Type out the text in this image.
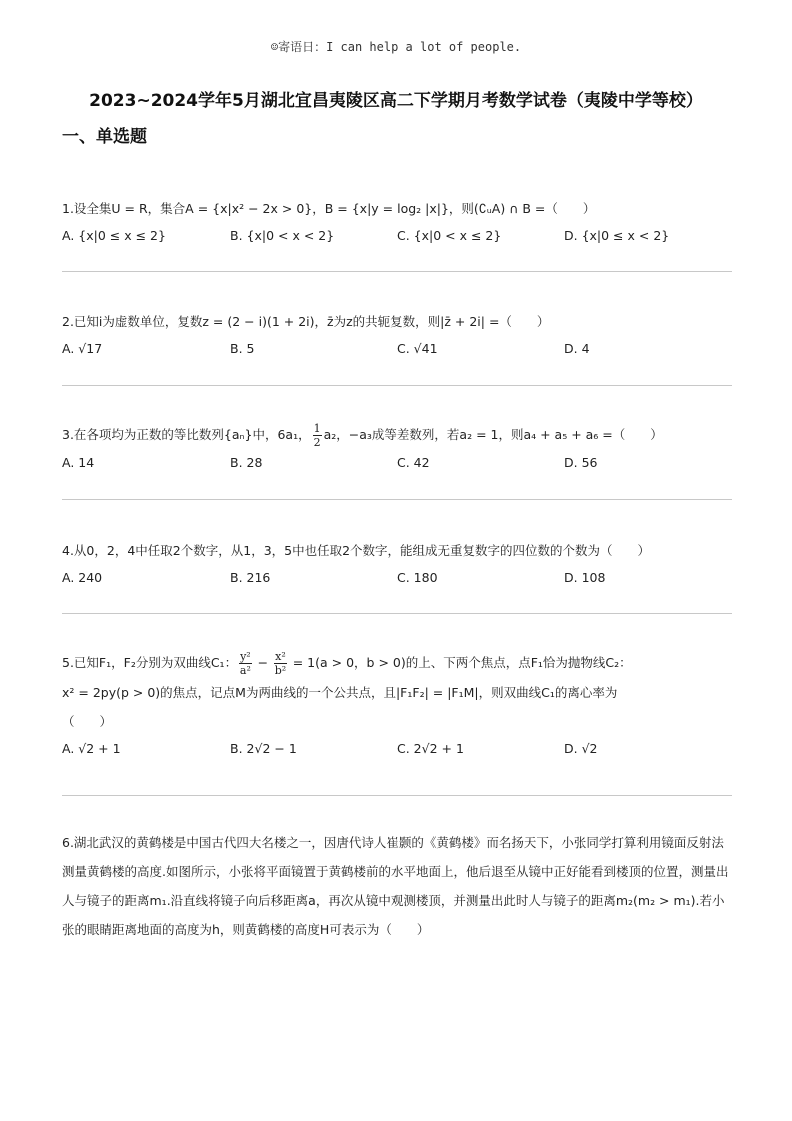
☺寄语日：I can help a lot of people.
2023~2024学年5月湖北宜昌夷陵区高二下学期月考数学试卷（夷陵中学等校）
一、单选题
1.设全集U = R，集合A = {x|x² − 2x > 0}，B = {x|y = log₂ |x|}，则(∁ᵤA) ∩ B =（　　）
A. {x|0 ≤ x ≤ 2}	B. {x|0 < x < 2}	C. {x|0 < x ≤ 2}	D. {x|0 ≤ x < 2}
2.已知i为虚数单位，复数z = (2 − i)(1 + 2i)，z̄为z的共轭复数，则|z̄ + 2i| =（　　）
A. √17	B. 5	C. √41	D. 4
3.在各项均为正数的等比数列{aₙ}中，6a₁， $\frac{1}{2} a_2$，−a₃成等差数列，若a₂ = 1，则a₄ + a₅ + a₆ =（　　）
A. 14	B. 28	C. 42	D. 56
4.从0，2，4中任取2个数字，从1，3，5中也任取2个数字，能组成无重复数字的四位数的个数为（　　）
A. 240	B. 216	C. 180	D. 108
5.已知F₁，F₂分别为双曲线C₁： $\frac{\text{y²}}{\text{a²}} - \frac{\text{x²}}{\text{b²}} = 1(a > 0$，b > 0)的上、下两个焦点，点F₁恰为抛物线C₂：
x² = 2py(p > 0)的焦点，记点M为两曲线的一个公共点，且|F₁F₂| = |F₁M|，则双曲线C₁的离心率为
（　　）
A. √2 + 1	B. 2√2 − 1	C. 2√2 + 1	D. √2
6.湖北武汉的黄鹤楼是中国古代四大名楼之一，因唐代诗人崔颢的《黄鹤楼》而名扬天下，小张同学打算利用镜面反射法测量黄鹤楼的高度.如图所示，小张将平面镜置于黄鹤楼前的水平地面上，他后退至从镜中正好能看到楼顶的位置，测量出人与镜子的距离m₁.沿直线将镜子向后移距离a，再次从镜中观测楼顶，并测量出此时人与镜子的距离m₂(m₂ > m₁).若小张的眼睛距离地面的高度为h，则黄鹤楼的高度H可表示为（　　）
